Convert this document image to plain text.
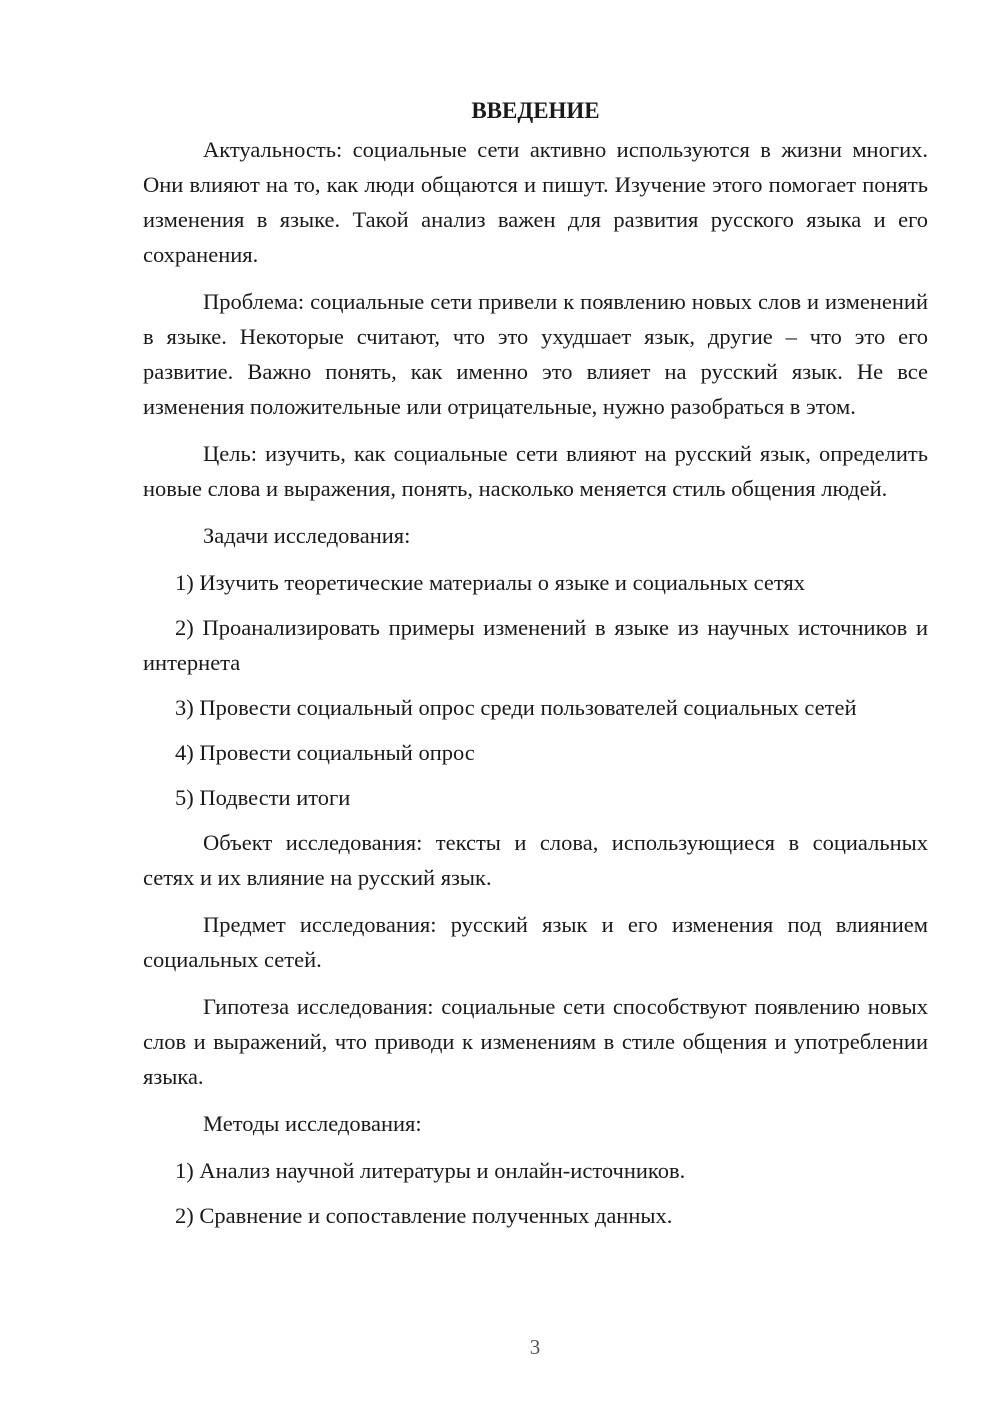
ВВЕДЕНИЕ

Актуальность: социальные сети активно используются в жизни многих. Они влияют на то, как люди общаются и пишут. Изучение этого помогает понять изменения в языке. Такой анализ важен для развития русского языка и его сохранения.

Проблема: социальные сети привели к появлению новых слов и изменений в языке. Некоторые считают, что это ухудшает язык, другие – что это его развитие. Важно понять, как именно это влияет на русский язык. Не все изменения положительные или отрицательные, нужно разобраться в этом.

Цель: изучить, как социальные сети влияют на русский язык, определить новые слова и выражения, понять, насколько меняется стиль общения людей.

Задачи исследования:

1) Изучить теоретические материалы о языке и социальных сетях

2) Проанализировать примеры изменений в языке из научных источников и интернета

3) Провести социальный опрос среди пользователей социальных сетей

4) Провести социальный опрос

5) Подвести итоги

Объект исследования: тексты и слова, использующиеся в социальных сетях и их влияние на русский язык.

Предмет исследования: русский язык и его изменения под влиянием социальных сетей.

Гипотеза исследования: социальные сети способствуют появлению новых слов и выражений, что приводи к изменениям в стиле общения и употреблении языка.

Методы исследования:

1) Анализ научной литературы и онлайн-источников.

2) Сравнение и сопоставление полученных данных.

3
